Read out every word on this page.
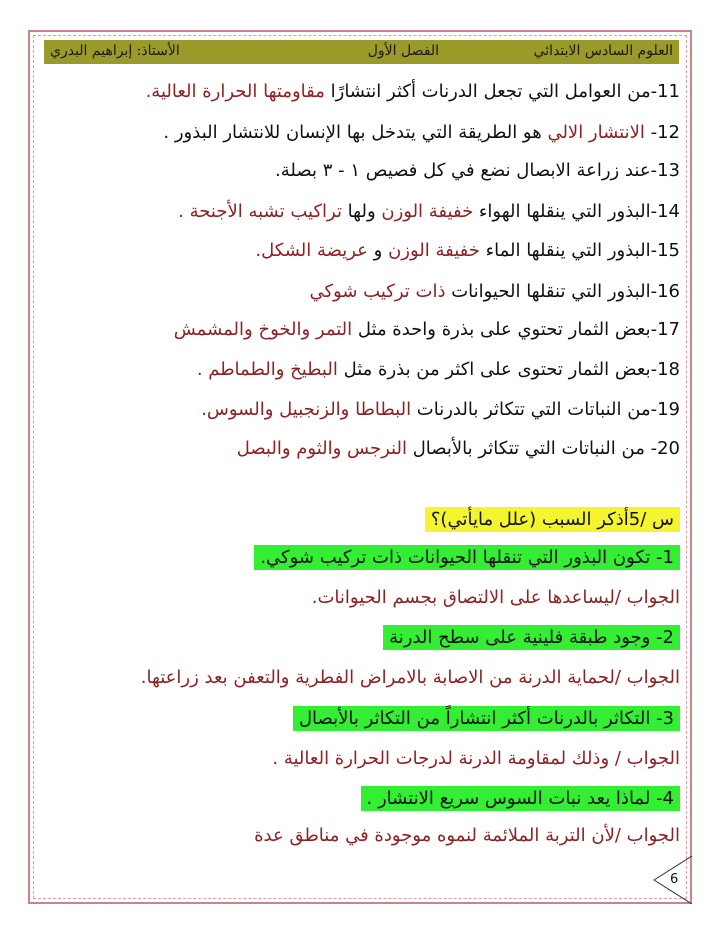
العلوم السادس الابتدائي
الفصل الأول
الأستاذ: إبراهيم البدري
11-من العوامل التي تجعل الدرنات أكثر انتشارًا مقاومتها الحرارة العالية.
12- الانتشار الالي هو الطريقة التي يتدخل بها الإنسان للانتشار البذور .
13-عند زراعة الابصال نضع في كل فصيص ١ - ٣ بصلة.
14-البذور التي ينقلها الهواء خفيفة الوزن ولها تراكيب تشبه الأجنحة .
15-البذور التي ينقلها الماء خفيفة الوزن و عريضة الشكل.
16-البذور التي تنقلها الحيوانات ذات تركيب شوكي
17-بعض الثمار تحتوي على بذرة واحدة مثل التمر والخوخ والمشمش
18-بعض الثمار تحتوى على اكثر من بذرة مثل البطيخ والطماطم .
19-من النباتات التي تتكاثر بالدرنات البطاطا والزنجبيل والسوس.
20- من النباتات التي تتكاثر بالأبصال النرجس والثوم والبصل
س /5أذكر السبب (علل مايأتي)؟
1- تكون البذور التي تنقلها الحيوانات ذات تركيب شوكي.
الجواب /ليساعدها على الالتصاق بجسم الحيوانات.
2- وجود طبقة فلينية على سطح الدرنة
الجواب /لحماية الدرنة من الاصابة بالامراض الفطرية والتعفن بعد زراعتها.
3- التكاثر بالدرنات أكثر انتشاراً من التكاثر بالأبصال
الجواب / وذلك لمقاومة الدرنة لدرجات الحرارة العالية .
4- لماذا يعد نبات السوس سريع الانتشار .
الجواب /لأن التربة الملائمة لنموه موجودة في مناطق عدة
6
